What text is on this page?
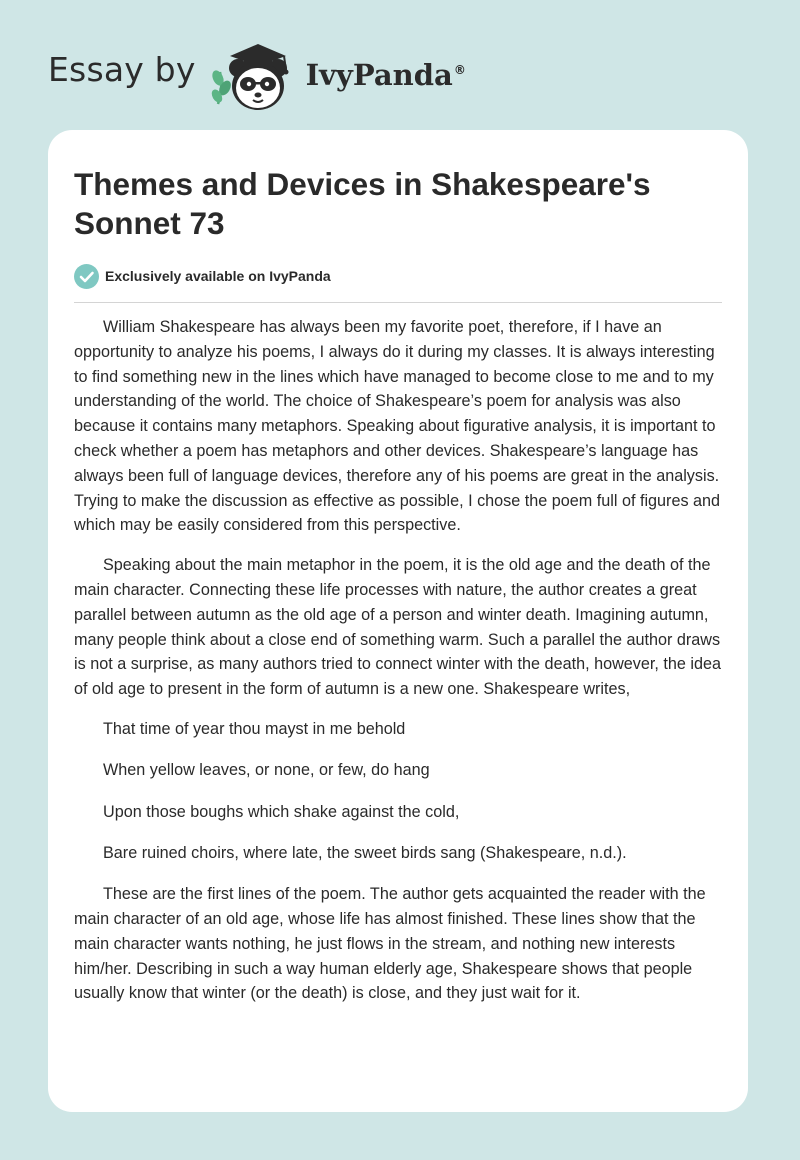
Essay by	IvyPanda®
Themes and Devices in Shakespeare's Sonnet 73
Exclusively available on IvyPanda

William Shakespeare has always been my favorite poet, therefore, if I have an opportunity to analyze his poems, I always do it during my classes. It is always interesting to find something new in the lines which have managed to become close to me and to my understanding of the world. The choice of Shakespeare’s poem for analysis was also because it contains many metaphors. Speaking about figurative analysis, it is important to check whether a poem has metaphors and other devices. Shakespeare’s language has always been full of language devices, therefore any of his poems are great in the analysis. Trying to make the discussion as effective as possible, I chose the poem full of figures and which may be easily considered from this perspective.

Speaking about the main metaphor in the poem, it is the old age and the death of the main character. Connecting these life processes with nature, the author creates a great parallel between autumn as the old age of a person and winter death. Imagining autumn, many people think about a close end of something warm. Such a parallel the author draws is not a surprise, as many authors tried to connect winter with the death, however, the idea of old age to present in the form of autumn is a new one. Shakespeare writes,

That time of year thou mayst in me behold

When yellow leaves, or none, or few, do hang

Upon those boughs which shake against the cold,

Bare ruined choirs, where late, the sweet birds sang (Shakespeare, n.d.).

These are the first lines of the poem. The author gets acquainted the reader with the main character of an old age, whose life has almost finished. These lines show that the main character wants nothing, he just flows in the stream, and nothing new interests him/her. Describing in such a way human elderly age, Shakespeare shows that people usually know that winter (or the death) is close, and they just wait for it.
